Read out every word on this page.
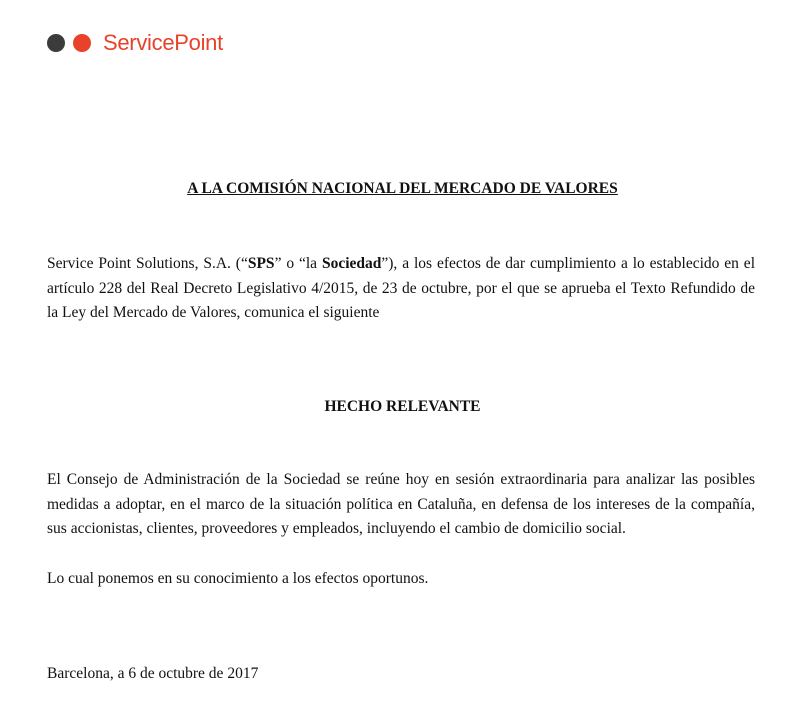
ServicePoint
A LA COMISIÓN NACIONAL DEL MERCADO DE VALORES
Service Point Solutions, S.A. (“SPS” o “la Sociedad”), a los efectos de dar cumplimiento a lo establecido en el artículo 228 del Real Decreto Legislativo 4/2015, de 23 de octubre, por el que se aprueba el Texto Refundido de la Ley del Mercado de Valores, comunica el siguiente
HECHO RELEVANTE
El Consejo de Administración de la Sociedad se reúne hoy en sesión extraordinaria para analizar las posibles medidas a adoptar, en el marco de la situación política en Cataluña, en defensa de los intereses de la compañía, sus accionistas, clientes, proveedores y empleados, incluyendo el cambio de domicilio social.
Lo cual ponemos en su conocimiento a los efectos oportunos.
Barcelona, a 6 de octubre de 2017
